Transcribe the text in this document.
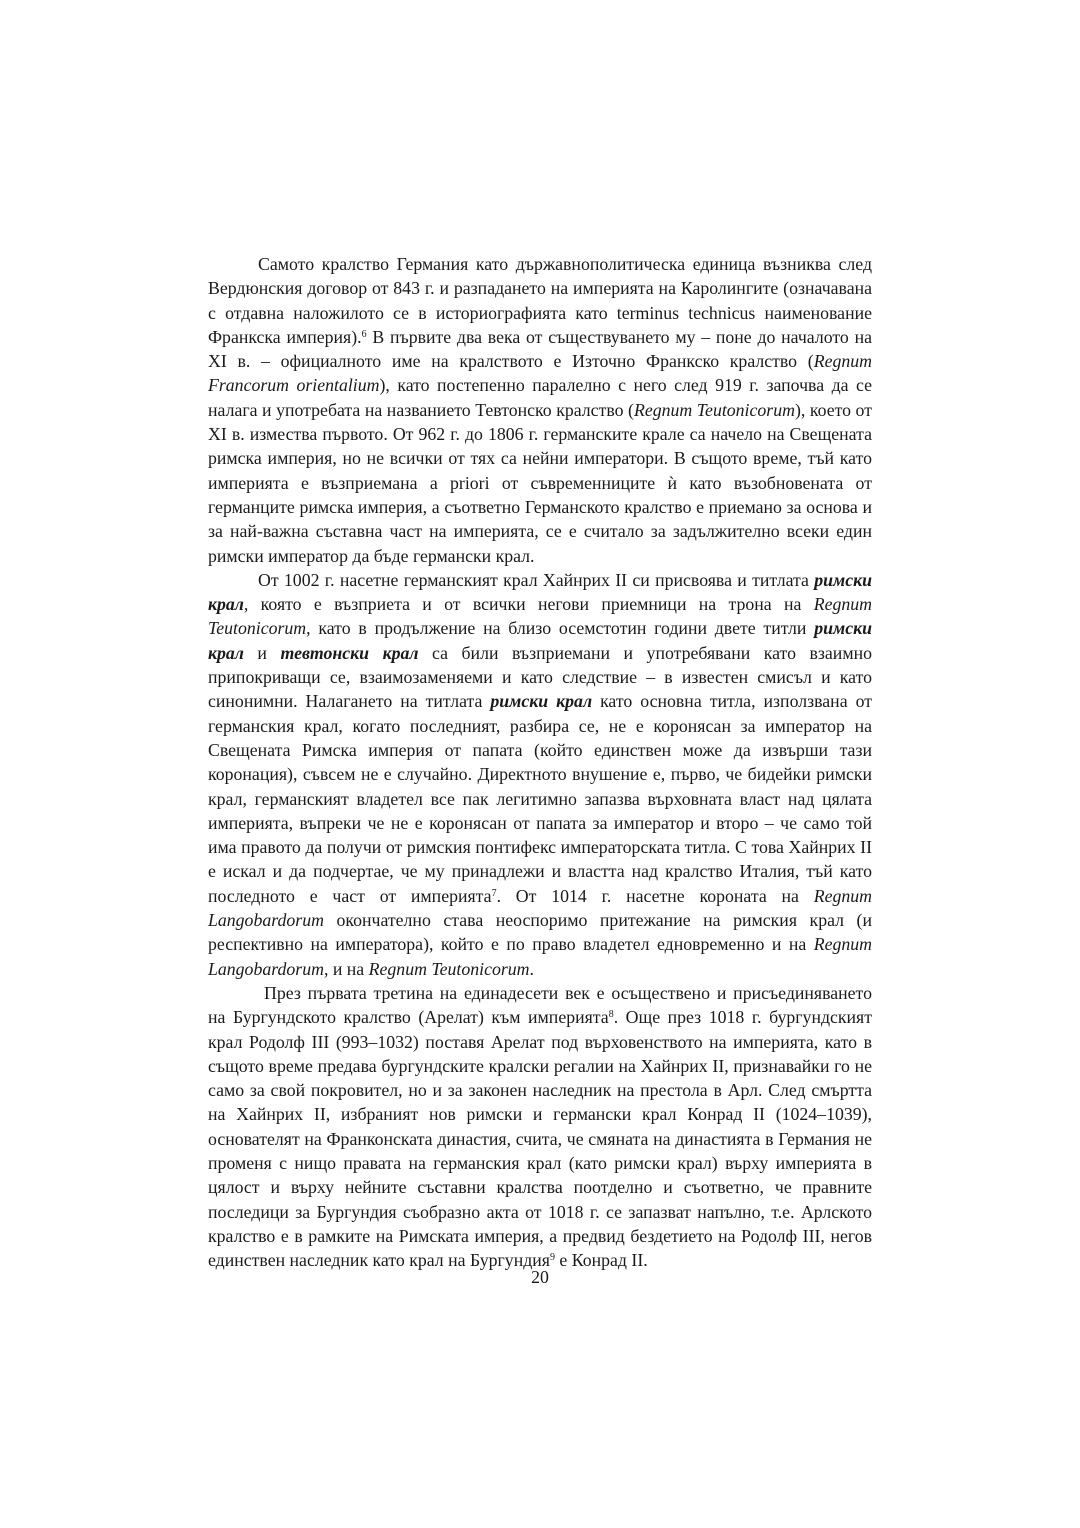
Самото кралство Германия като държавнополитическа единица възниква след Вердюнския договор от 843 г. и разпадането на империята на Каролингите (означавана с отдавна наложилото се в историографията като terminus technicus наименование Франкска империя).$^6$ В първите два века от съществуването му – поне до началото на XI в. – официалното име на кралството е Източно Франкско кралство (Regnum Francorum orientalium), като постепенно паралелно с него след 919 г. започва да се налага и употребата на названието Тевтонско кралство (Regnum Teutonicorum), което от XI в. измества първото. От 962 г. до 1806 г. германските крале са начело на Свещената римска империя, но не всички от тях са нейни императори. В същото време, тъй като империята е възприемана a priori от съвременниците ѝ като възобновената от германците римска империя, а съответно Германското кралство е приемано за основа и за най-важна съставна част на империята, се е считало за задължително всеки един римски император да бъде германски крал.

От 1002 г. насетне германският крал Хайнрих II си присвоява и титлата римски крал, която е възприета и от всички негови приемници на трона на Regnum Teutonicorum, като в продължение на близо осемстотин години двете титли римски крал и тевтонски крал са били възприемани и употребявани като взаимно припокриващи се, взаимозаменяеми и като следствие – в известен смисъл и като синонимни. Налагането на титлата римски крал като основна титла, използвана от германския крал, когато последният, разбира се, не е коронясан за император на Свещената Римска империя от папата (който единствен може да извърши тази коронация), съвсем не е случайно. Директното внушение е, първо, че бидейки римски крал, германският владетел все пак легитимно запазва върховната власт над цялата империята, въпреки че не е коронясан от папата за император и второ – че само той има правото да получи от римския понтифекс императорската титла. С това Хайнрих II е искал и да подчертае, че му принадлежи и властта над кралство Италия, тъй като последното е част от империята$^7$. От 1014 г. насетне короната на Regnum Langobardorum окончателно става неоспоримо притежание на римския крал (и респективно на императора), който е по право владетел едновременно и на Regnum Langobardorum, и на Regnum Teutonicorum.

През първата третина на единадесети век е осъществено и присъединяването на Бургундското кралство (Арелат) към империята$^8$. Още през 1018 г. бургундският крал Родолф III (993–1032) поставя Арелат под върховенството на империята, като в същото време предава бургундските кралски регалии на Хайнрих II, признавайки го не само за свой покровител, но и за законен наследник на престола в Арл. След смъртта на Хайнрих II, избраният нов римски и германски крал Конрад II (1024–1039), основателят на Франконската династия, счита, че смяната на династията в Германия не променя с нищо правата на германския крал (като римски крал) върху империята в цялост и върху нейните съставни кралства поотделно и съответно, че правните последици за Бургундия съобразно акта от 1018 г. се запазват напълно, т.е. Арлското кралство е в рамките на Римската империя, а предвид бездетието на Родолф III, негов единствен наследник като крал на Бургундия$^9$ е Конрад II.

20
